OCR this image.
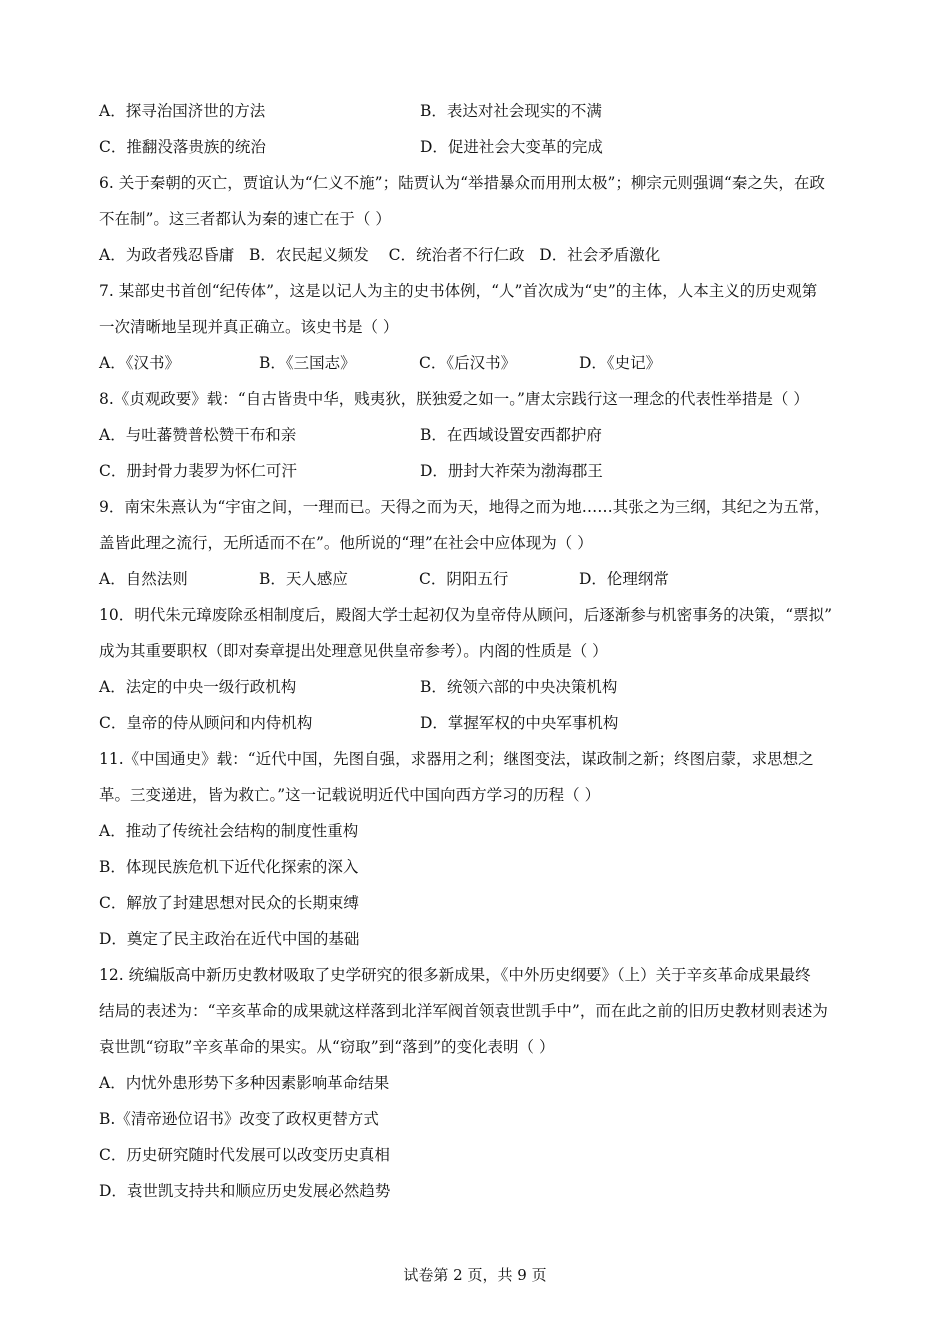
A．探寻治国济世的方法	B．表达对社会现实的不满
C．推翻没落贵族的统治	D．促进社会大变革的完成
6. 关于秦朝的灭亡，贾谊认为“仁义不施”；陆贾认为“举措暴众而用刑太极”；柳宗元则强调“秦之失，在政
不在制”。这三者都认为秦的速亡在于（ ）
A．为政者残忍昏庸 B．农民起义频发 C．统治者不行仁政 D．社会矛盾激化
7. 某部史书首创“纪传体”，这是以记人为主的史书体例，“人”首次成为“史”的主体，人本主义的历史观第
一次清晰地呈现并真正确立。该史书是（ ）
A．《汉书》	B．《三国志》	C．《后汉书》	D．《史记》
8.《贞观政要》载：“自古皆贵中华，贱夷狄，朕独爱之如一。”唐太宗践行这一理念的代表性举措是（ ）
A．与吐蕃赞普松赞干布和亲	B．在西域设置安西都护府
C．册封骨力裴罗为怀仁可汗	D．册封大祚荣为渤海郡王
9．南宋朱熹认为“宇宙之间，一理而已。天得之而为天，地得之而为地……其张之为三纲，其纪之为五常，
盖皆此理之流行，无所适而不在”。他所说的“理”在社会中应体现为（ ）
A．自然法则	B．天人感应	C．阴阳五行	D．伦理纲常
10．明代朱元璋废除丞相制度后，殿阁大学士起初仅为皇帝侍从顾问，后逐渐参与机密事务的决策，“票拟”
成为其重要职权（即对奏章提出处理意见供皇帝参考）。内阁的性质是（ ）
A．法定的中央一级行政机构	B．统领六部的中央决策机构
C．皇帝的侍从顾问和内侍机构	D．掌握军权的中央军事机构
11.《中国通史》载：“近代中国，先图自强，求器用之利；继图变法，谋政制之新；终图启蒙，求思想之
革。三变递进，皆为救亡。”这一记载说明近代中国向西方学习的历程（ ）
A．推动了传统社会结构的制度性重构
B．体现民族危机下近代化探索的深入
C．解放了封建思想对民众的长期束缚
D．奠定了民主政治在近代中国的基础
12. 统编版高中新历史教材吸取了史学研究的很多新成果，《中外历史纲要》（上）关于辛亥革命成果最终
结局的表述为：“辛亥革命的成果就这样落到北洋军阀首领袁世凯手中”，而在此之前的旧历史教材则表述为
袁世凯“窃取”辛亥革命的果实。从“窃取”到“落到”的变化表明（ ）
A．内忧外患形势下多种因素影响革命结果
B.《清帝逊位诏书》改变了政权更替方式
C．历史研究随时代发展可以改变历史真相
D．袁世凯支持共和顺应历史发展必然趋势
试卷第 2 页，共 9 页
